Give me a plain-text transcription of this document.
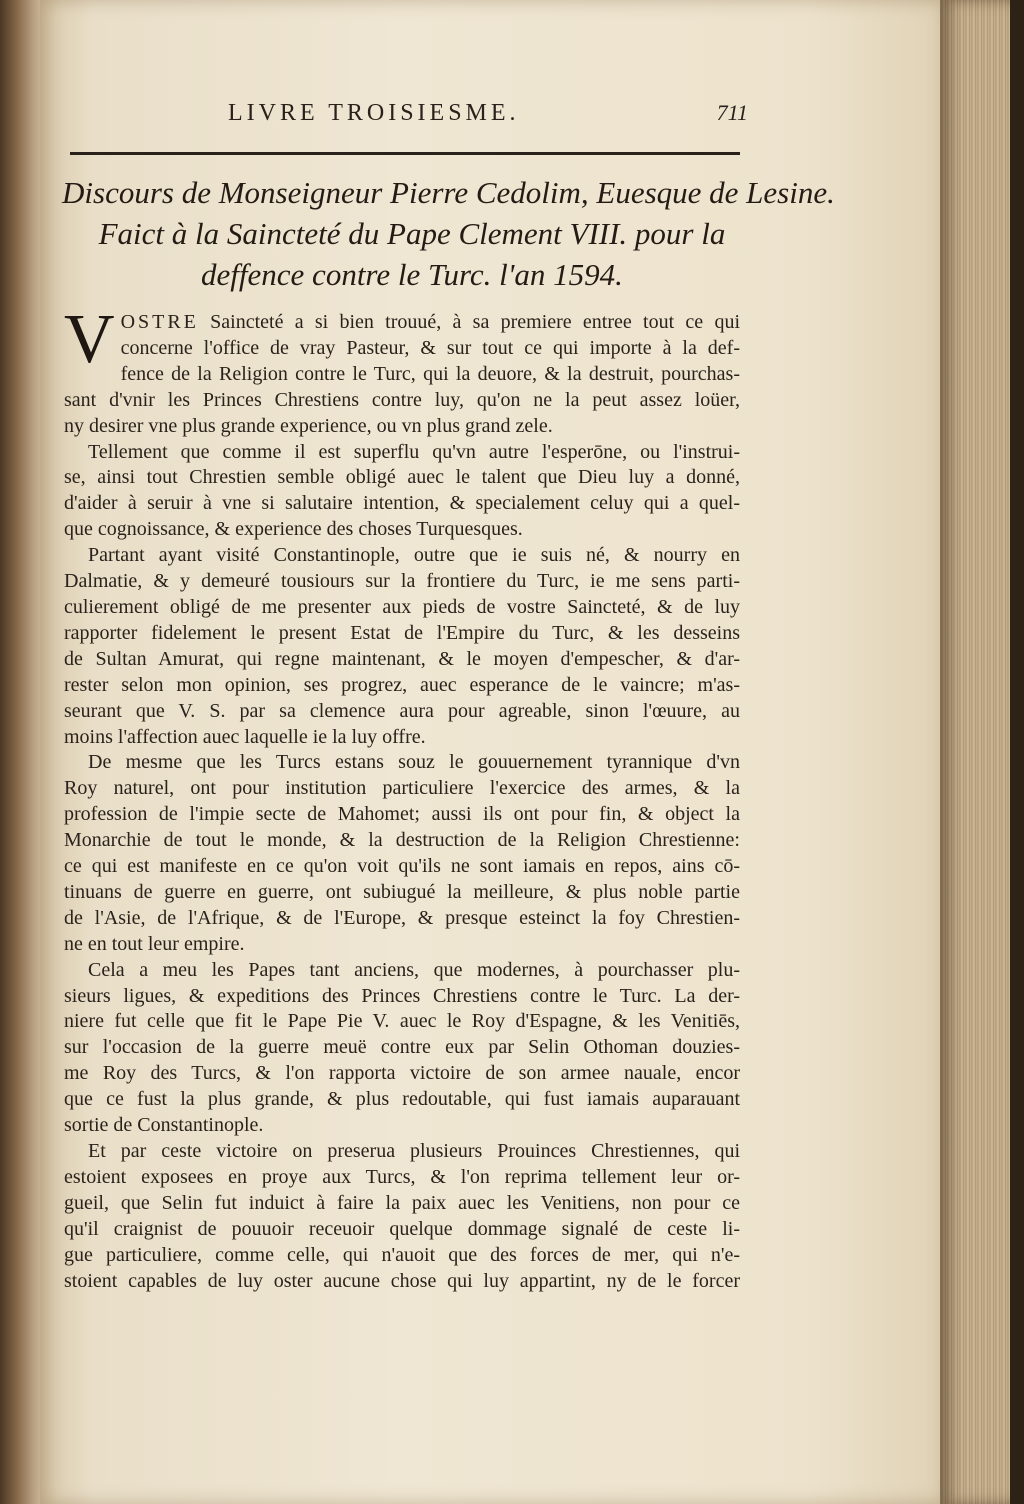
LIVRE TROISIESME.	711
Discours de Monseigneur Pierre Cedolim, Euesque de Lesine.
Faict à la Saincteté du Pape Clement VIII. pour la
deffence contre le Turc. l'an 1594.
V OSTRE Saincteté a si bien trouué, à sa premiere entree tout ce qui

concerne l'office de vray Pasteur, & sur tout ce qui importe à la def-

fence de la Religion contre le Turc, qui la deuore, & la destruit, pourchas-

sant d'vnir les Princes Chrestiens contre luy, qu'on ne la peut assez loüer,

ny desirer vne plus grande experience, ou vn plus grand zele.

Tellement que comme il est superflu qu'vn autre l'esperōne, ou l'instrui-

se, ainsi tout Chrestien semble obligé auec le talent que Dieu luy a donné,

d'aider à seruir à vne si salutaire intention, & specialement celuy qui a quel-

que cognoissance, & experience des choses Turquesques.

Partant ayant visité Constantinople, outre que ie suis né, & nourry en

Dalmatie, & y demeuré tousiours sur la frontiere du Turc, ie me sens parti-

culierement obligé de me presenter aux pieds de vostre Saincteté, & de luy

rapporter fidelement le present Estat de l'Empire du Turc, & les desseins

de Sultan Amurat, qui regne maintenant, & le moyen d'empescher, & d'ar-

rester selon mon opinion, ses progrez, auec esperance de le vaincre; m'as-

seurant que V. S. par sa clemence aura pour agreable, sinon l'œuure, au

moins l'affection auec laquelle ie la luy offre.

De mesme que les Turcs estans souz le gouuernement tyrannique d'vn

Roy naturel, ont pour institution particuliere l'exercice des armes, & la

profession de l'impie secte de Mahomet; aussi ils ont pour fin, & object la

Monarchie de tout le monde, & la destruction de la Religion Chrestienne:

ce qui est manifeste en ce qu'on voit qu'ils ne sont iamais en repos, ains cō-

tinuans de guerre en guerre, ont subiugué la meilleure, & plus noble partie

de l'Asie, de l'Afrique, & de l'Europe, & presque esteinct la foy Chrestien-

ne en tout leur empire.

Cela a meu les Papes tant anciens, que modernes, à pourchasser plu-

sieurs ligues, & expeditions des Princes Chrestiens contre le Turc. La der-

niere fut celle que fit le Pape Pie V. auec le Roy d'Espagne, & les Venitiēs,

sur l'occasion de la guerre meuë contre eux par Selin Othoman douzies-

me Roy des Turcs, & l'on rapporta victoire de son armee nauale, encor

que ce fust la plus grande, & plus redoutable, qui fust iamais auparauant

sortie de Constantinople.

Et par ceste victoire on preserua plusieurs Prouinces Chrestiennes, qui

estoient exposees en proye aux Turcs, & l'on reprima tellement leur or-

gueil, que Selin fut induict à faire la paix auec les Venitiens, non pour ce

qu'il craignist de pouuoir receuoir quelque dommage signalé de ceste li-

gue particuliere, comme celle, qui n'auoit que des forces de mer, qui n'e-

stoient capables de luy oster aucune chose qui luy appartint, ny de le forcer
